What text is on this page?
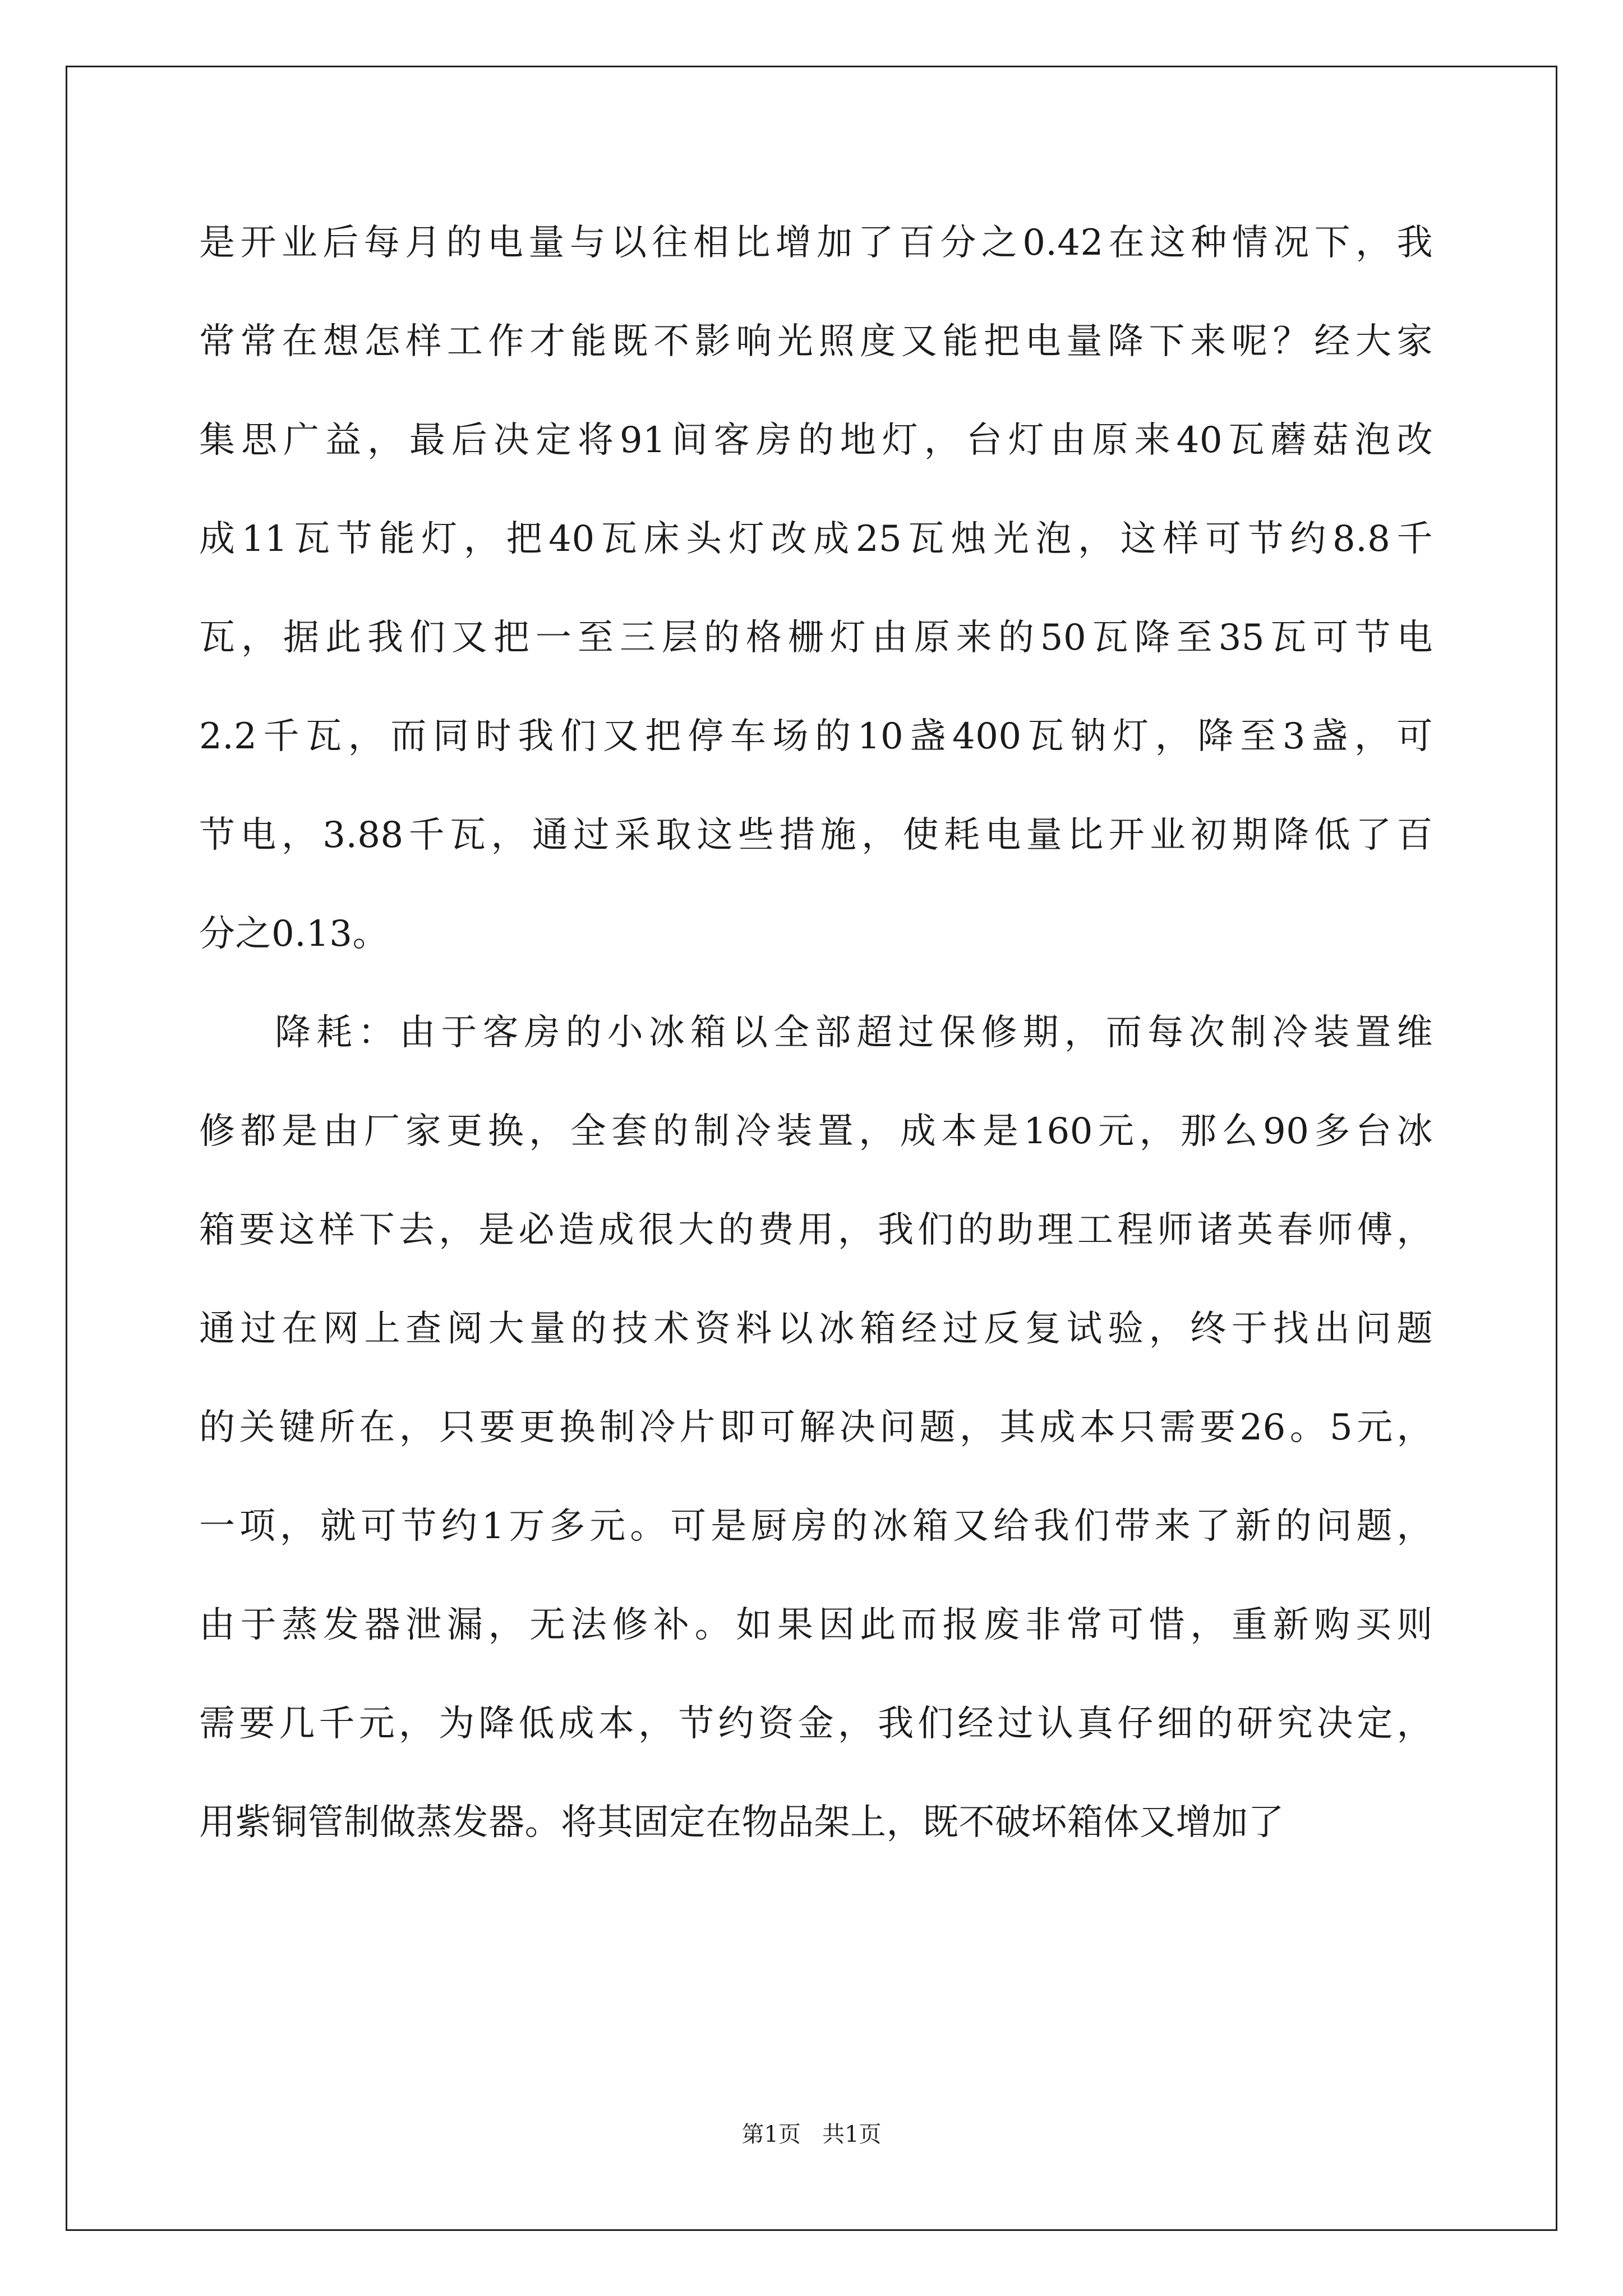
是开业后每月的电量与以往相比增加了百分之0.42在这种情况下，我
常常在想怎样工作才能既不影响光照度又能把电量降下来呢？经大家
集思广益，最后决定将91间客房的地灯，台灯由原来40瓦蘑菇泡改
成11瓦节能灯，把40瓦床头灯改成25瓦烛光泡，这样可节约8.8千
瓦，据此我们又把一至三层的格栅灯由原来的50瓦降至35瓦可节电
2.2千瓦，而同时我们又把停车场的10盏400瓦钠灯，降至3盏，可
节电，3.88千瓦，通过采取这些措施，使耗电量比开业初期降低了百
分之0.13。
降耗：由于客房的小冰箱以全部超过保修期，而每次制冷装置维
修都是由厂家更换，全套的制冷装置，成本是160元，那么90多台冰
箱要这样下去，是必造成很大的费用，我们的助理工程师诸英春师傅，
通过在网上查阅大量的技术资料以冰箱经过反复试验，终于找出问题
的关键所在，只要更换制冷片即可解决问题，其成本只需要26。5元，
一项，就可节约1万多元。可是厨房的冰箱又给我们带来了新的问题，
由于蒸发器泄漏，无法修补。如果因此而报废非常可惜，重新购买则
需要几千元，为降低成本，节约资金，我们经过认真仔细的研究决定，
用紫铜管制做蒸发器。将其固定在物品架上，既不破坏箱体又增加了
第1页 共1页
